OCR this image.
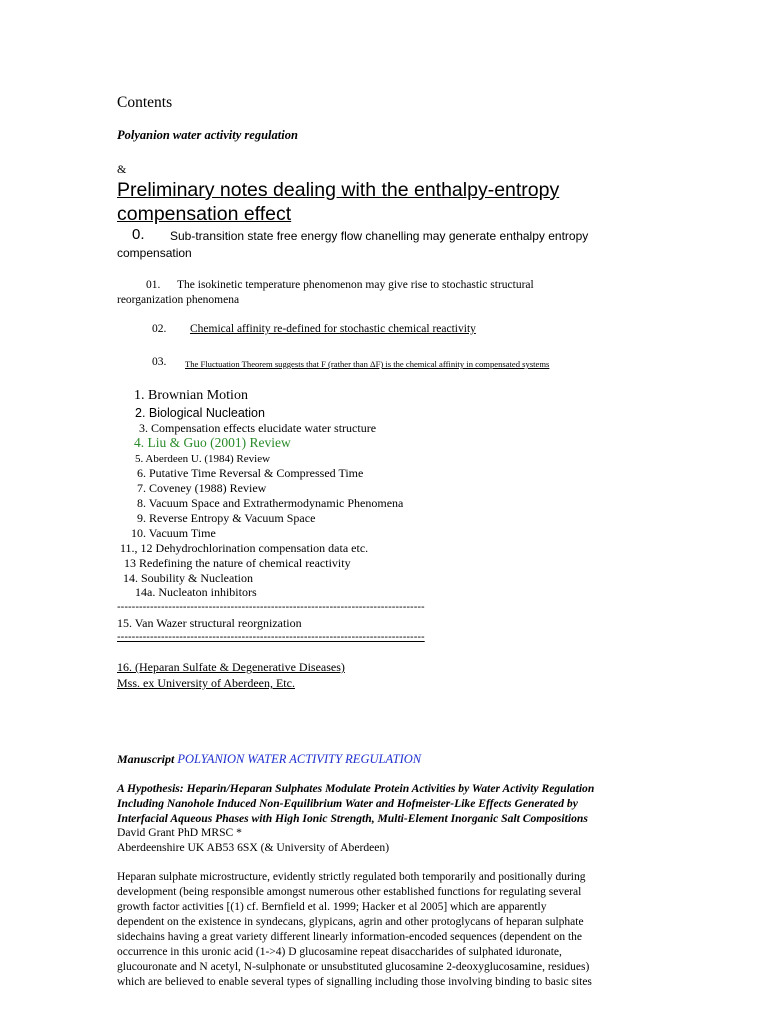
Contents
Polyanion water activity regulation
&
Preliminary notes dealing with the enthalpy-entropy
compensation effect
0. Sub-transition state free energy flow chanelling may generate enthalpy entropy
compensation
01. The isokinetic temperature phenomenon may give rise to stochastic structural
reorganization phenomena
02. Chemical affinity re-defined for stochastic chemical reactivity
03. The Fluctuation Theorem suggests that F (rather than ΔF) is the chemical affinity in compensated systems
1. Brownian Motion
2. Biological Nucleation
3. Compensation effects elucidate water structure
4. Liu & Guo (2001) Review
5. Aberdeen U. (1984) Review
6. Putative Time Reversal & Compressed Time
7. Coveney (1988) Review
8. Vacuum Space and Extrathermodynamic Phenomena
9. Reverse Entropy & Vacuum Space
10. Vacuum Time
11., 12 Dehydrochlorination compensation data etc.
13 Redefining the nature of chemical reactivity
14. Soubility & Nucleation
14a. Nucleaton inhibitors
------------------------------------------------------------------------------------
15. Van Wazer structural reorgnization
------------------------------------------------------------------------------------
16. (Heparan Sulfate & Degenerative Diseases)
Mss. ex University of Aberdeen, Etc.
Manuscript POLYANION WATER ACTIVITY REGULATION
A Hypothesis: Heparin/Heparan Sulphates Modulate Protein Activities by Water Activity Regulation
Including Nanohole Induced Non-Equilibrium Water and Hofmeister-Like Effects Generated by
Interfacial Aqueous Phases with High Ionic Strength, Multi-Element Inorganic Salt Compositions
David Grant PhD MRSC *
Aberdeenshire UK AB53 6SX (& University of Aberdeen)
Heparan sulphate microstructure, evidently strictly regulated both temporarily and positionally during
development (being responsible amongst numerous other established functions for regulating several
growth factor activities [(1) cf. Bernfield et al. 1999; Hacker et al 2005] which are apparently
dependent on the existence in syndecans, glypicans, agrin and other protoglycans of heparan sulphate
sidechains having a great variety different linearly information-encoded sequences (dependent on the
occurrence in this uronic acid (1->4) D glucosamine repeat disaccharides of sulphated iduronate,
glucouronate and N acetyl, N-sulphonate or unsubstituted glucosamine 2-deoxyglucosamine, residues)
which are believed to enable several types of signalling including those involving binding to basic sites
